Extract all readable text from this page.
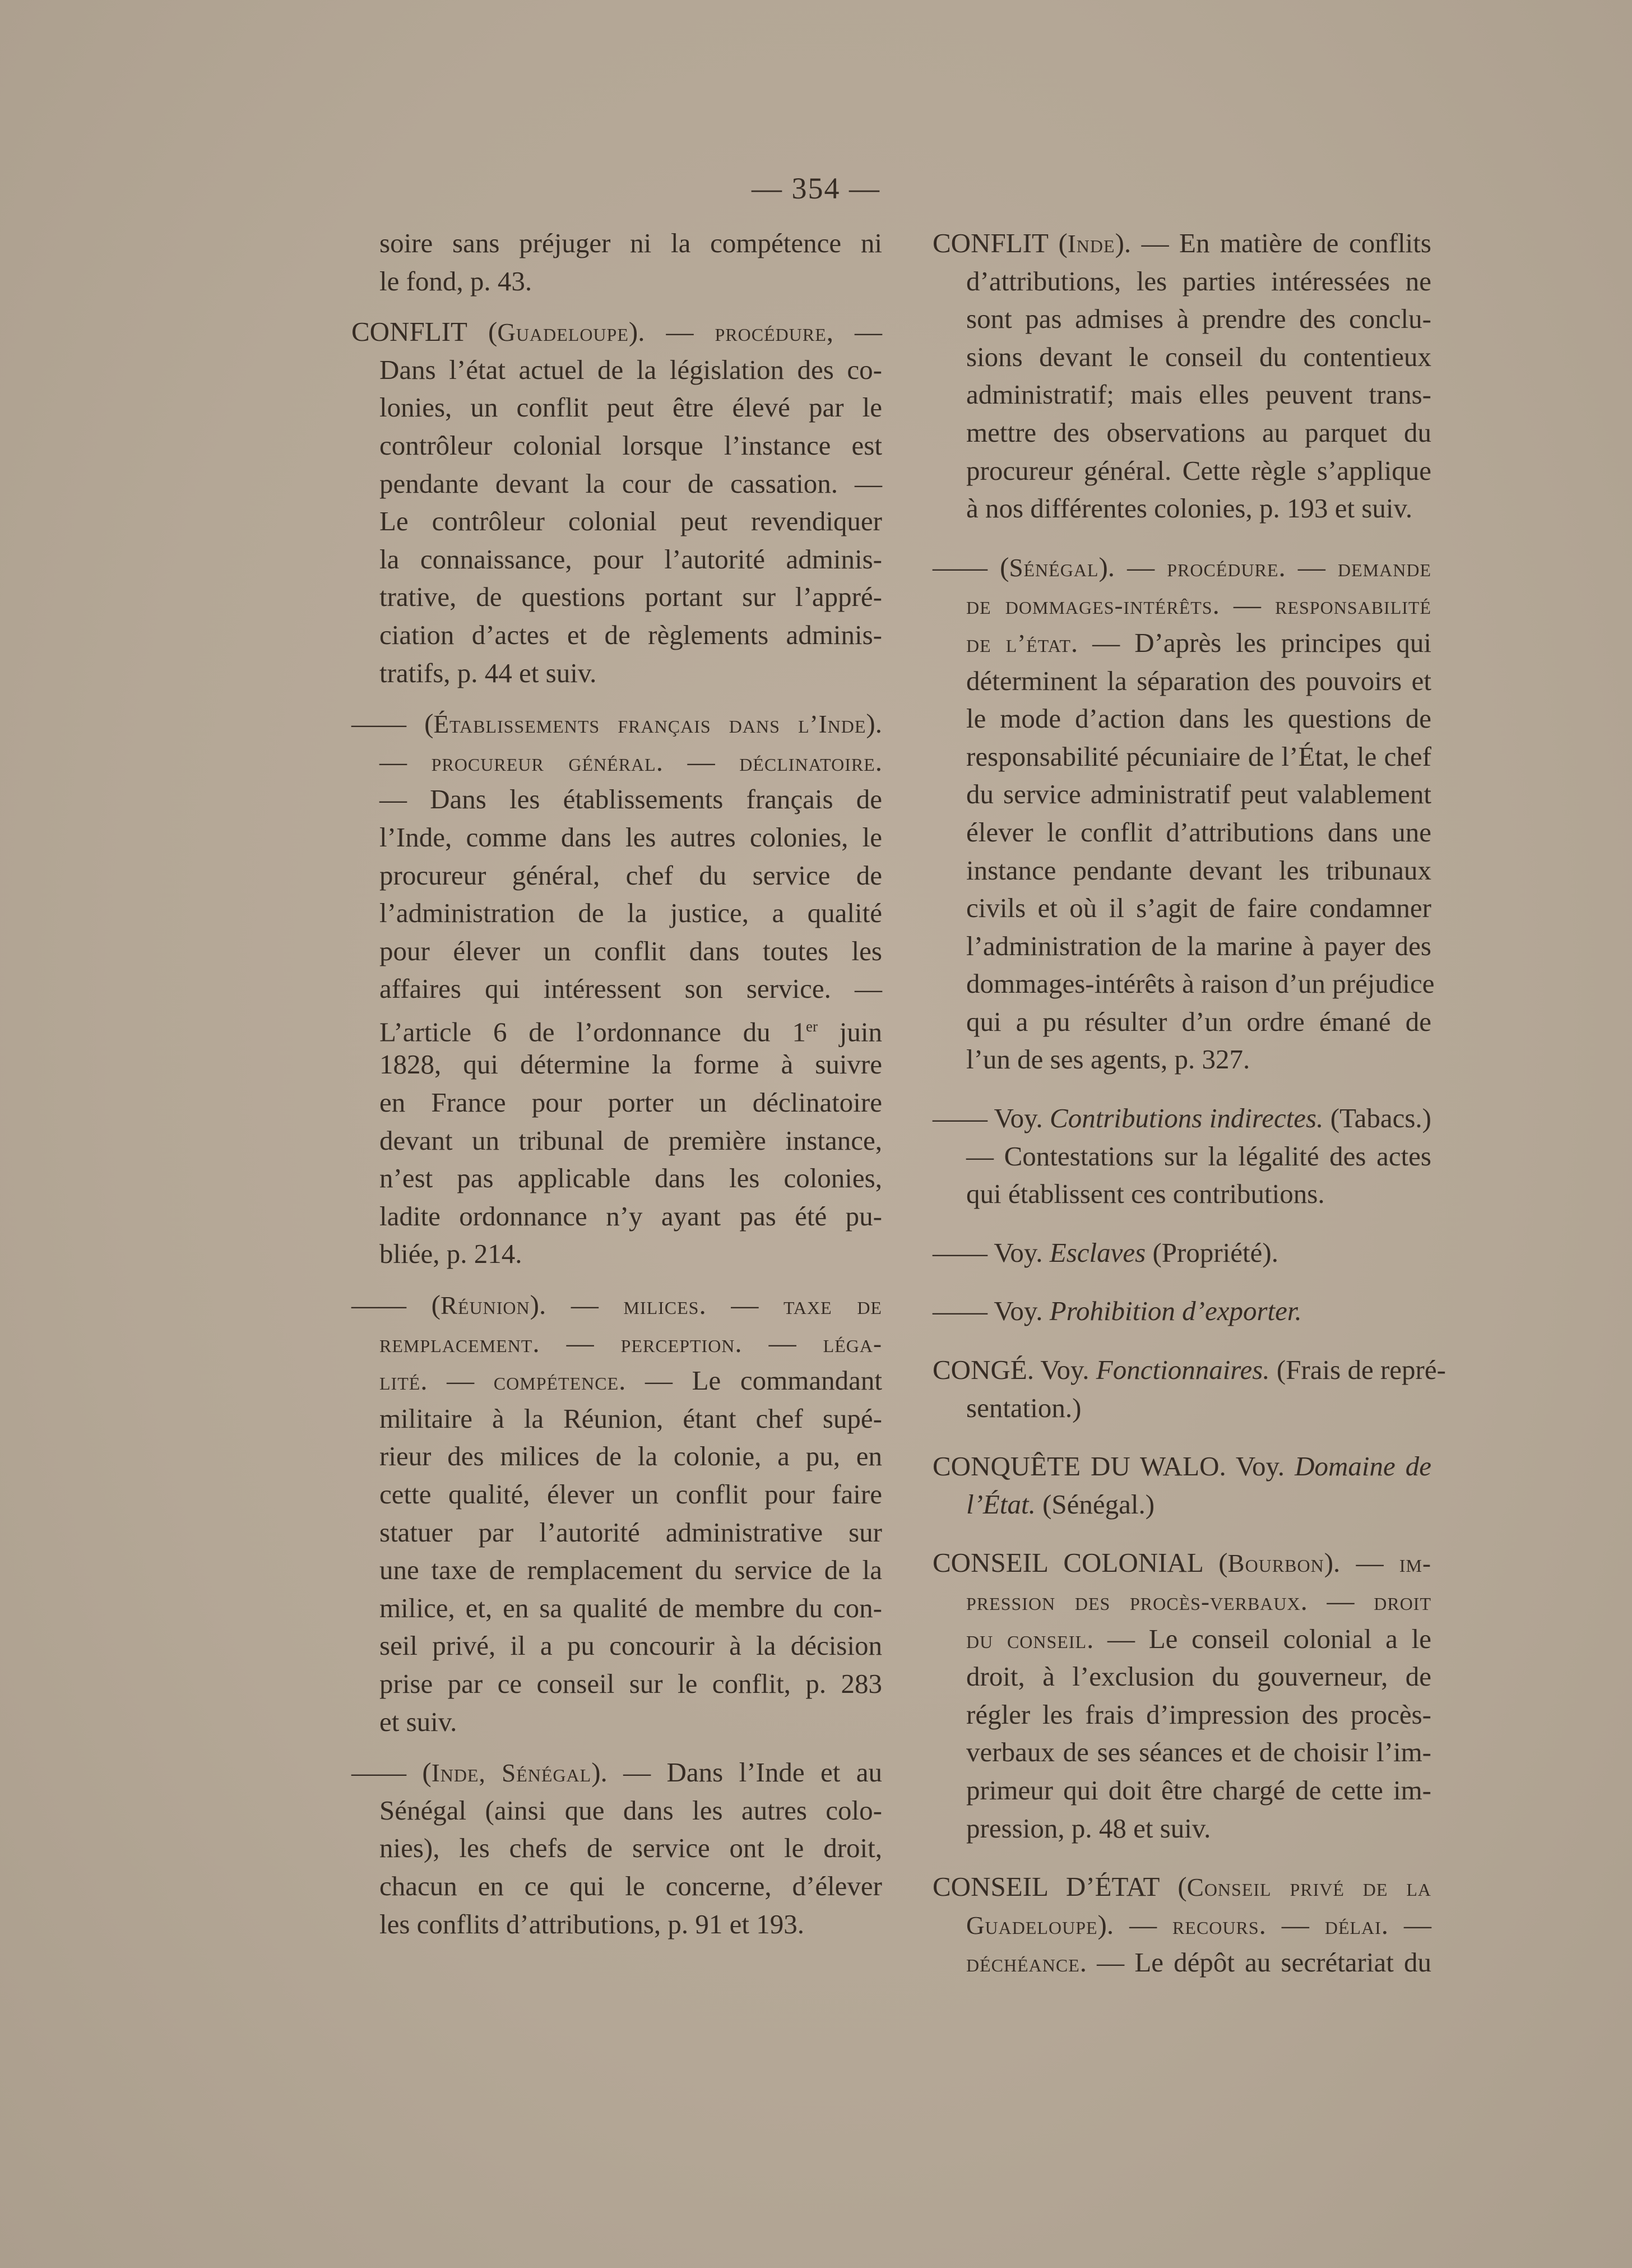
— 354 —
soire sans préjuger ni la compétence ni
le fond, p. 43.
CONFLIT (Guadeloupe). — procédure, —
Dans l’état actuel de la législation des co-
lonies, un conflit peut être élevé par le
contrôleur colonial lorsque l’instance est
pendante devant la cour de cassation. —
Le contrôleur colonial peut revendiquer
la connaissance, pour l’autorité adminis-
trative, de questions portant sur l’appré-
ciation d’actes et de règlements adminis-
tratifs, p. 44 et suiv.
—— (Établissements français dans l’Inde).
— procureur général. — déclinatoire.
— Dans les établissements français de
l’Inde, comme dans les autres colonies, le
procureur général, chef du service de
l’administration de la justice, a qualité
pour élever un conflit dans toutes les
affaires qui intéressent son service. —
L’article 6 de l’ordonnance du 1er juin
1828, qui détermine la forme à suivre
en France pour porter un déclinatoire
devant un tribunal de première instance,
n’est pas applicable dans les colonies,
ladite ordonnance n’y ayant pas été pu-
bliée, p. 214.
—— (Réunion). — milices. — taxe de
remplacement. — perception. — léga-
lité. — compétence. — Le commandant
militaire à la Réunion, étant chef supé-
rieur des milices de la colonie, a pu, en
cette qualité, élever un conflit pour faire
statuer par l’autorité administrative sur
une taxe de remplacement du service de la
milice, et, en sa qualité de membre du con-
seil privé, il a pu concourir à la décision
prise par ce conseil sur le conflit, p. 283
et suiv.
—— (Inde, Sénégal). — Dans l’Inde et au
Sénégal (ainsi que dans les autres colo-
nies), les chefs de service ont le droit,
chacun en ce qui le concerne, d’élever
les conflits d’attributions, p. 91 et 193.
CONFLIT (Inde). — En matière de conflits
d’attributions, les parties intéressées ne
sont pas admises à prendre des conclu-
sions devant le conseil du contentieux
administratif; mais elles peuvent trans-
mettre des observations au parquet du
procureur général. Cette règle s’applique
à nos différentes colonies, p. 193 et suiv.
—— (Sénégal). — procédure. — demande
de dommages-intérêts. — responsabilité
de l’état. — D’après les principes qui
déterminent la séparation des pouvoirs et
le mode d’action dans les questions de
responsabilité pécuniaire de l’État, le chef
du service administratif peut valablement
élever le conflit d’attributions dans une
instance pendante devant les tribunaux
civils et où il s’agit de faire condamner
l’administration de la marine à payer des
dommages-intérêts à raison d’un préjudice
qui a pu résulter d’un ordre émané de
l’un de ses agents, p. 327.
—— Voy. Contributions indirectes. (Tabacs.)
— Contestations sur la légalité des actes
qui établissent ces contributions.
—— Voy. Esclaves (Propriété).
—— Voy. Prohibition d’exporter.
CONGÉ. Voy. Fonctionnaires. (Frais de repré-
sentation.)
CONQUÊTE DU WALO. Voy. Domaine de
l’État. (Sénégal.)
CONSEIL COLONIAL (Bourbon). — im-
pression des procès-verbaux. — droit
du conseil. — Le conseil colonial a le
droit, à l’exclusion du gouverneur, de
régler les frais d’impression des procès-
verbaux de ses séances et de choisir l’im-
primeur qui doit être chargé de cette im-
pression, p. 48 et suiv.
CONSEIL D’ÉTAT (Conseil privé de la
Guadeloupe). — recours. — délai. —
déchéance. — Le dépôt au secrétariat du
